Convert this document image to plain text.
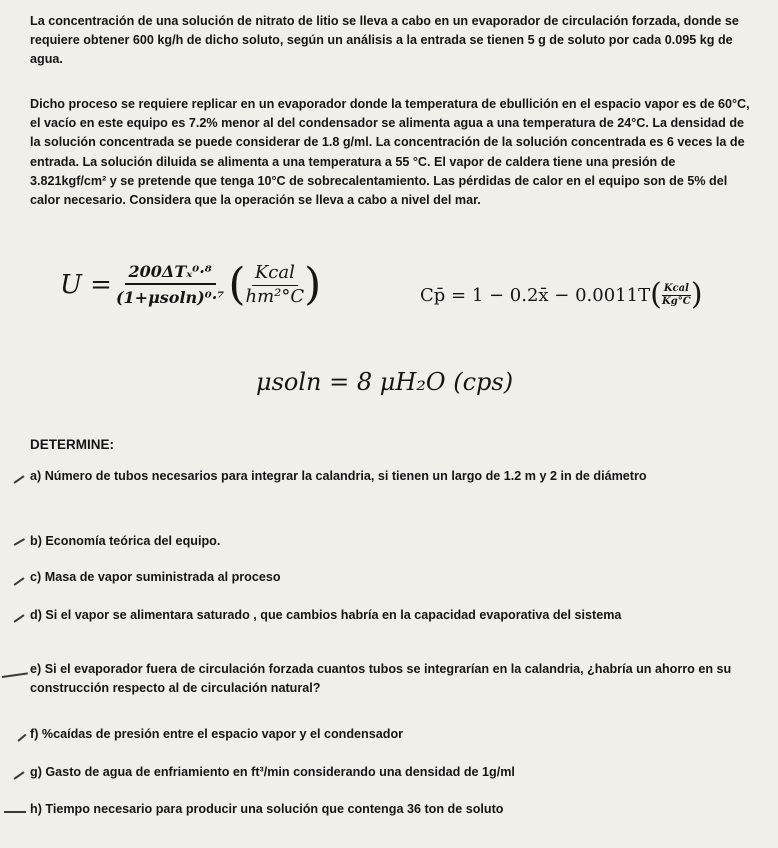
La concentración de una solución de nitrato de litio se lleva a cabo en un evaporador de circulación forzada, donde se requiere obtener 600 kg/h de dicho soluto, según un análisis a la entrada se tienen 5 g de soluto por cada 0.095 kg de agua.

Dicho proceso se requiere replicar en un evaporador donde la temperatura de ebullición en el espacio vapor es de 60°C, el vacío en este equipo es 7.2% menor al del condensador se alimenta agua a una temperatura de 24°C. La densidad de la solución concentrada se puede considerar de 1.8 g/ml. La concentración de la solución concentrada es 6 veces la de entrada. La solución diluida se alimenta a una temperatura a 55 °C. El vapor de caldera tiene una presión de 3.821kgf/cm² y se pretende que tenga 10°C de sobrecalentamiento. Las pérdidas de calor en el equipo son de 5% del calor necesario. Considera que la operación se lleva a cabo a nivel del mar.

$U = \frac{\text{200ΔTₓ⁰·⁸}}{\text{(1+μsoln)⁰·⁷}}$ ( $\frac{\text{Kcal}}{\text{hm²°C}}$ )	Cp̄ = 1 − 0.2x̄ − 0.0011T ( $\frac{\text{Kcal}}{Kg^\circ C}$ )
μsoln = 8 μH₂O (cps)

DETERMINE:

a) Número de tubos necesarios para integrar la calandria, si tienen un largo de 1.2 m y 2 in de diámetro

b) Economía teórica del equipo.

c) Masa de vapor suministrada al proceso

d) Si el vapor se alimentara saturado , que cambios habría en la capacidad evaporativa del sistema

e) Si el evaporador fuera de circulación forzada cuantos tubos se integrarían en la calandria, ¿habría un ahorro en su construcción respecto al de circulación natural?

f) %caídas de presión entre el espacio vapor y el condensador

g) Gasto de agua de enfriamiento en ft³/min considerando una densidad de 1g/ml

h) Tiempo necesario para producir una solución que contenga 36 ton de soluto
